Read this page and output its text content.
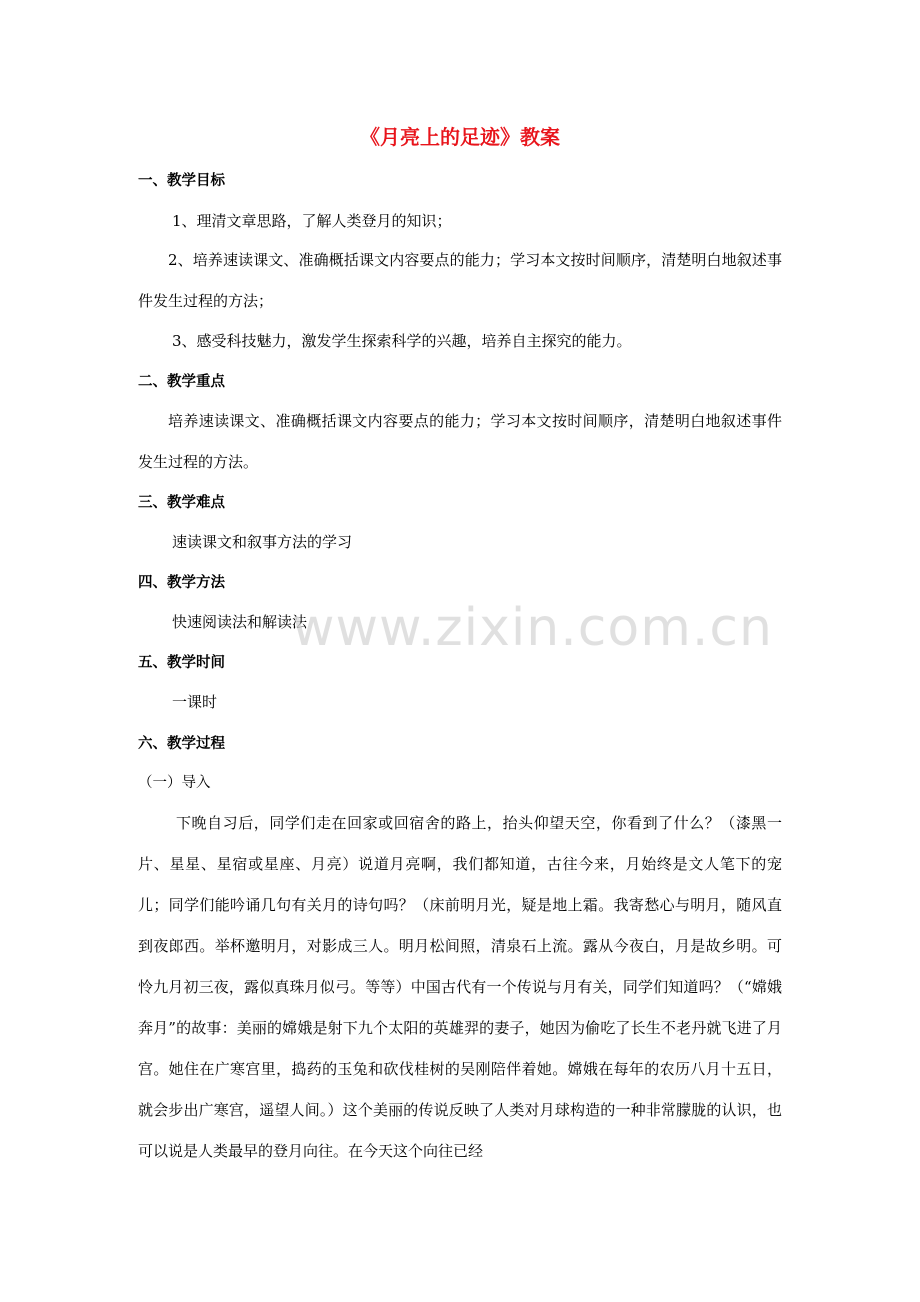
《月亮上的足迹》教案
一、教学目标
1、理清文章思路，了解人类登月的知识；
2、培养速读课文、准确概括课文内容要点的能力；学习本文按时间顺序，清楚明白地叙述事件发生过程的方法；
3、感受科技魅力，激发学生探索科学的兴趣，培养自主探究的能力。
二、教学重点
培养速读课文、准确概括课文内容要点的能力；学习本文按时间顺序，清楚明白地叙述事件发生过程的方法。
三、教学难点
速读课文和叙事方法的学习
四、教学方法
快速阅读法和解读法
五、教学时间
一课时
六、教学过程
（一）导入
下晚自习后，同学们走在回家或回宿舍的路上，抬头仰望天空，你看到了什么？（漆黑一片、星星、星宿或星座、月亮）说道月亮啊，我们都知道，古往今来，月始终是文人笔下的宠儿；同学们能吟诵几句有关月的诗句吗？（床前明月光，疑是地上霜。我寄愁心与明月，随风直到夜郎西。举杯邀明月，对影成三人。明月松间照，清泉石上流。露从今夜白，月是故乡明。可怜九月初三夜，露似真珠月似弓。等等）中国古代有一个传说与月有关，同学们知道吗？（“嫦娥奔月”的故事：美丽的嫦娥是射下九个太阳的英雄羿的妻子，她因为偷吃了长生不老丹就飞进了月宫。她住在广寒宫里，捣药的玉兔和砍伐桂树的吴刚陪伴着她。嫦娥在每年的农历八月十五日，就会步出广寒宫，遥望人间。）这个美丽的传说反映了人类对月球构造的一种非常朦胧的认识，也可以说是人类最早的登月向往。在今天这个向往已经
www.zixin.com.cn
